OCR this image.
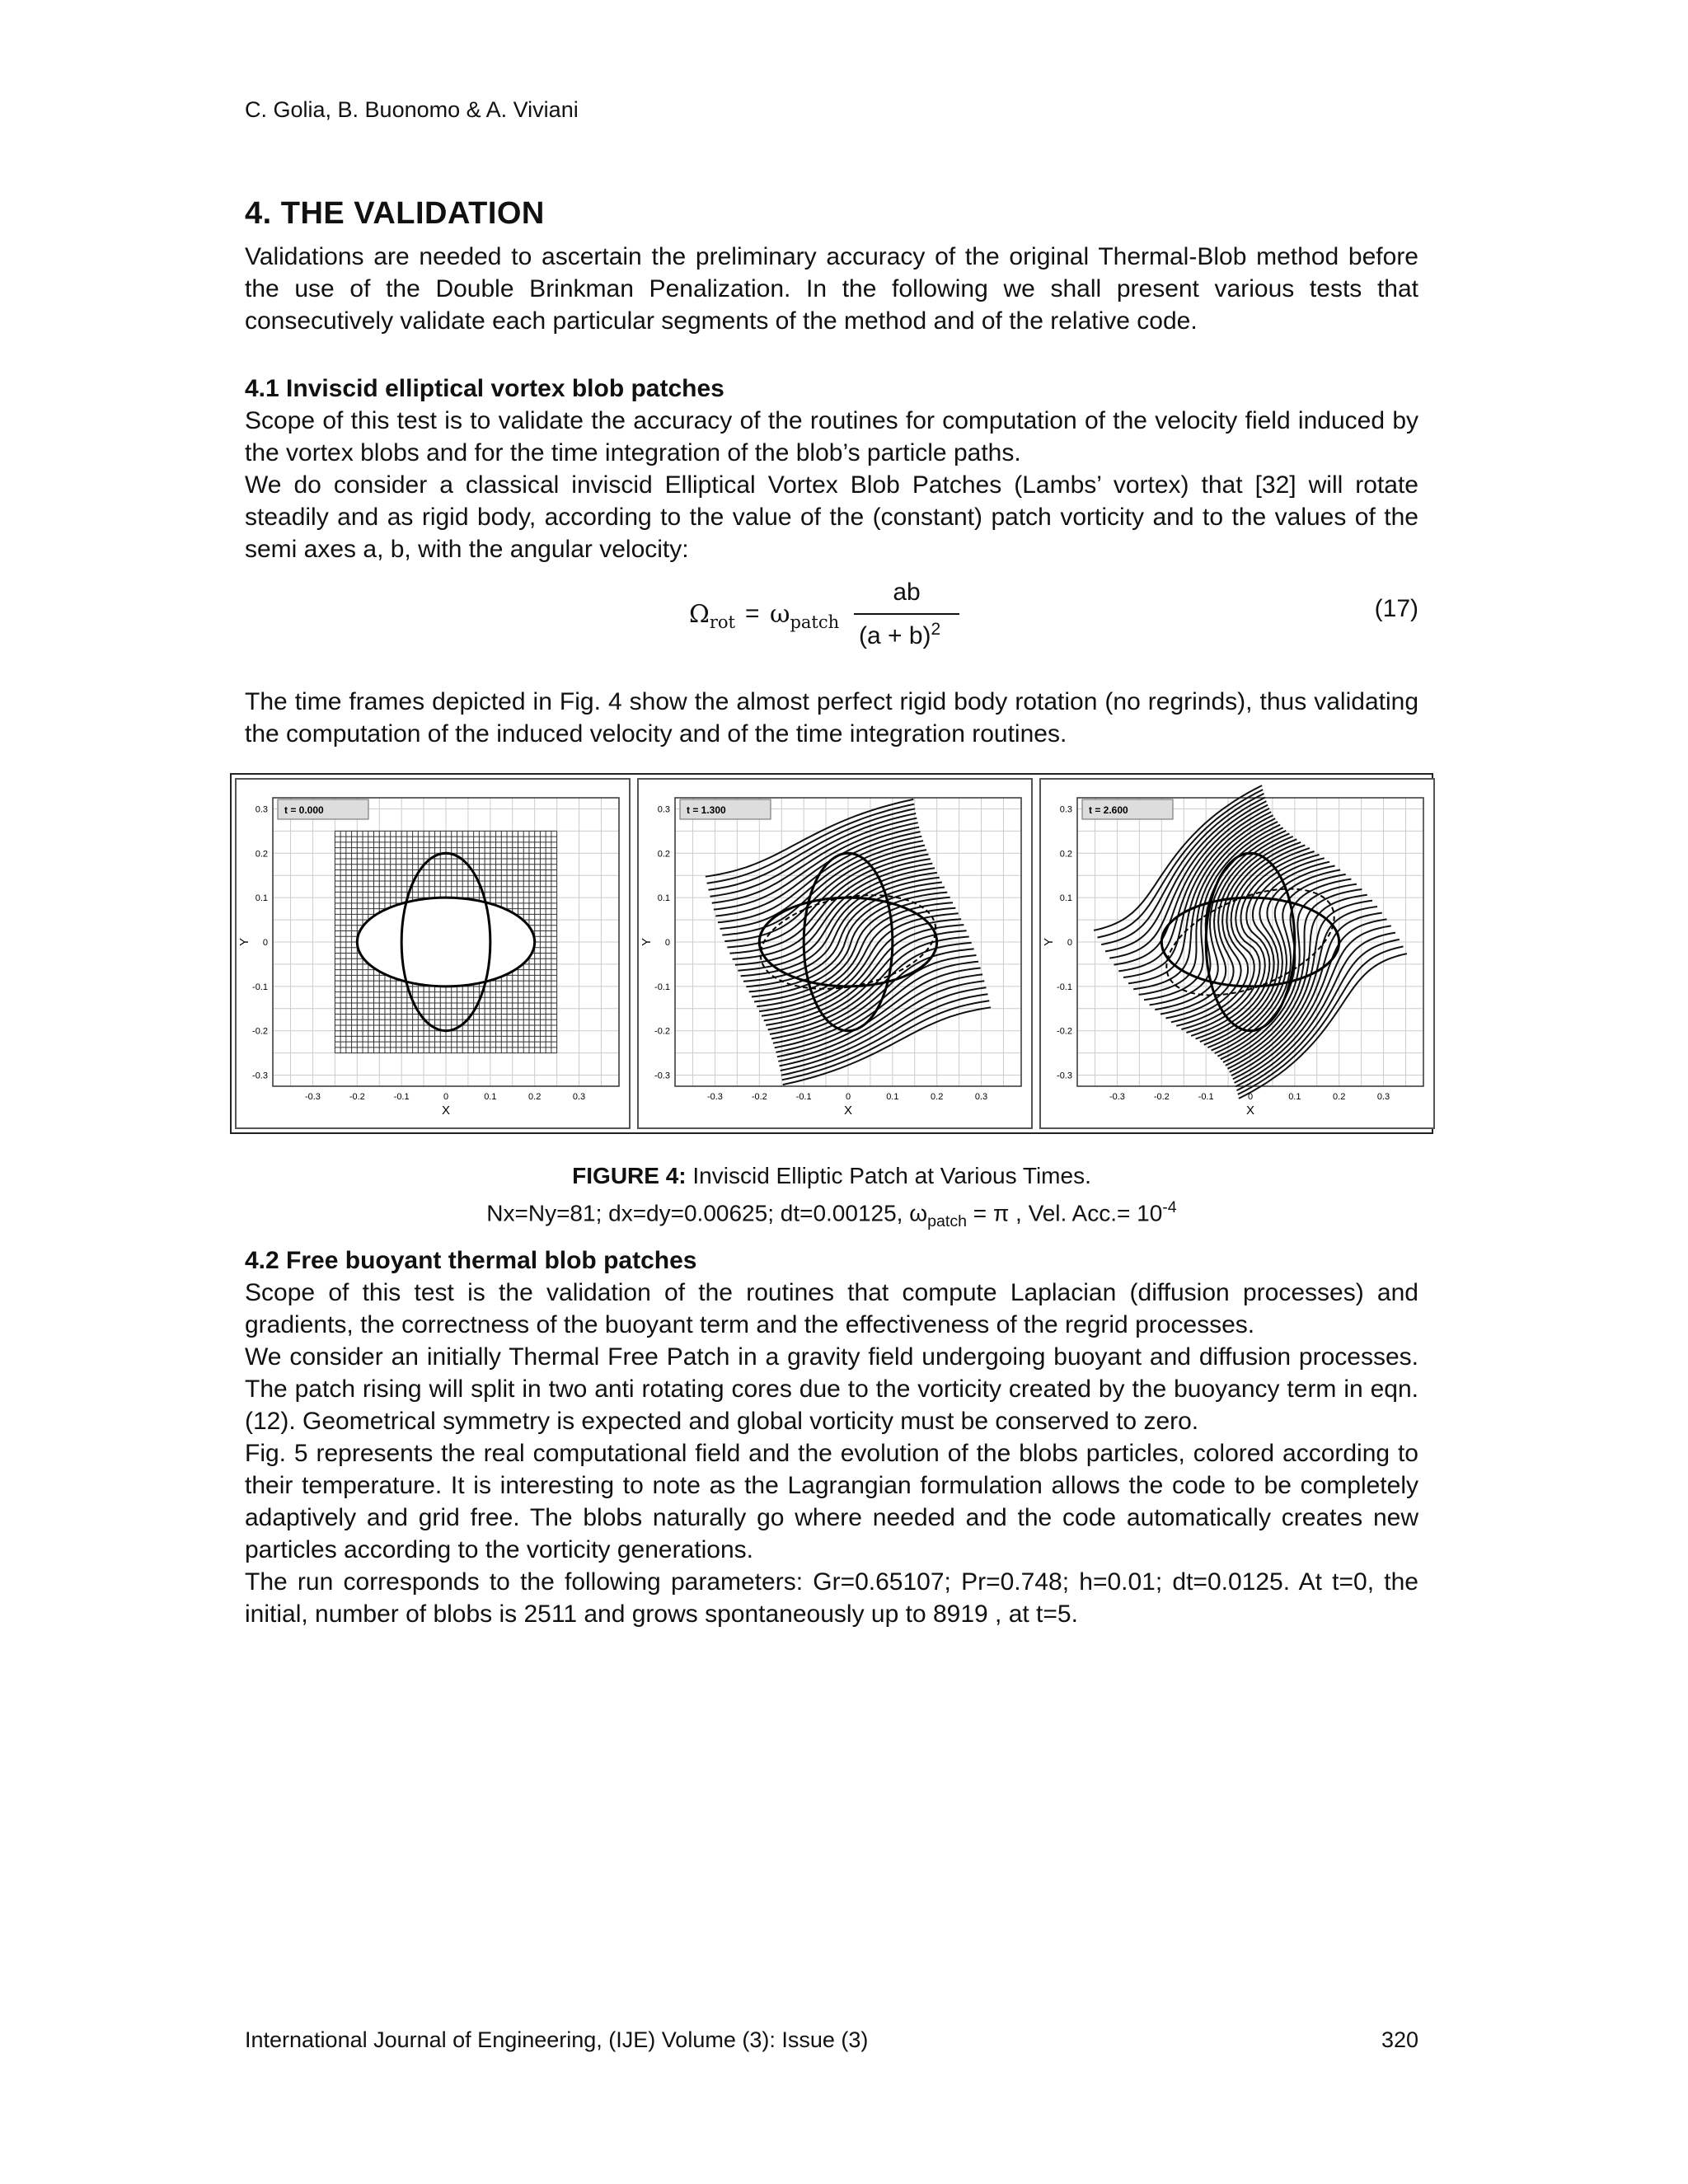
C. Golia, B. Buonomo & A. Viviani
4. THE VALIDATION

Validations are needed to ascertain the preliminary accuracy of the original Thermal-Blob method before the use of the Double Brinkman Penalization. In the following we shall present various tests that consecutively validate each particular segments of the method and of the relative code.

4.1 Inviscid elliptical vortex blob patches

Scope of this test is to validate the accuracy of the routines for computation of the velocity field induced by the vortex blobs and for the time integration of the blob’s particle paths.

We do consider a classical inviscid Elliptical Vortex Blob Patches (Lambs’ vortex) that [32] will rotate steadily and as rigid body, according to the value of the (constant) patch vorticity and to the values of the semi axes a, b, with the angular velocity:

$\Omega_{rot} = \omega_{patch}$
ab
$(a + b)^2$
(17)

The time frames depicted in Fig. 4 show the almost perfect rigid body rotation (no regrinds), thus validating the computation of the induced velocity and of the time integration routines.

t = 0.000
-0.3	-0.2	-0.1	0	0.1	0.2	0.3
0.3
0.2
0.1
0
-0.1
-0.2
-0.3
X
Y
t = 1.300
-0.3	-0.2	-0.1	0	0.1	0.2	0.3
0.3
0.2
0.1
0
-0.1
-0.2
-0.3
X
Y
t = 2.600
-0.3	-0.2	-0.1	0	0.1	0.2	0.3
0.3
0.2
0.1
0
-0.1
-0.2
-0.3
X
Y
FIGURE 4: Inviscid Elliptic Patch at Various Times.
Nx=Ny=81; dx=dy=0.00625; dt=0.00125, $\omega_{patch} = \pi$ , Vel. $Acc.= 10^{-4}$

4.2 Free buoyant thermal blob patches

Scope of this test is the validation of the routines that compute Laplacian (diffusion processes) and gradients, the correctness of the buoyant term and the effectiveness of the regrid processes.

We consider an initially Thermal Free Patch in a gravity field undergoing buoyant and diffusion processes. The patch rising will split in two anti rotating cores due to the vorticity created by the buoyancy term in eqn.(12). Geometrical symmetry is expected and global vorticity must be conserved to zero.

Fig. 5 represents the real computational field and the evolution of the blobs particles, colored according to their temperature. It is interesting to note as the Lagrangian formulation allows the code to be completely adaptively and grid free. The blobs naturally go where needed and the code automatically creates new particles according to the vorticity generations.

The run corresponds to the following parameters: Gr=0.65107; Pr=0.748; h=0.01; dt=0.0125. At t=0, the initial, number of blobs is 2511 and grows spontaneously up to 8919 , at t=5.

International Journal of Engineering, (IJE) Volume (3): Issue (3)	320
